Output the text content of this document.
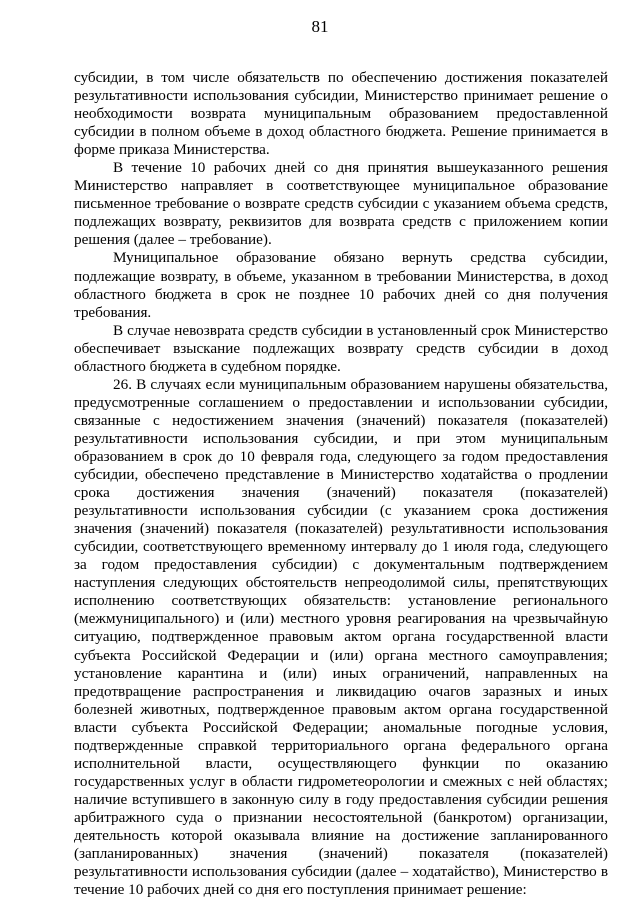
81

субсидии, в том числе обязательств по обеспечению достижения показателей результативности использования субсидии, Министерство принимает решение о необходимости возврата муниципальным образованием предоставленной субсидии в полном объеме в доход областного бюджета. Решение принимается в форме приказа Министерства.

В течение 10 рабочих дней со дня принятия вышеуказанного решения Министерство направляет в соответствующее муниципальное образование письменное требование о возврате средств субсидии с указанием объема средств, подлежащих возврату, реквизитов для возврата средств с приложением копии решения (далее – требование).

Муниципальное образование обязано вернуть средства субсидии, подлежащие возврату, в объеме, указанном в требовании Министерства, в доход областного бюджета в срок не позднее 10 рабочих дней со дня получения требования.

В случае невозврата средств субсидии в установленный срок Министерство обеспечивает взыскание подлежащих возврату средств субсидии в доход областного бюджета в судебном порядке.

26. В случаях если муниципальным образованием нарушены обязательства, предусмотренные соглашением о предоставлении и использовании субсидии, связанные с недостижением значения (значений) показателя (показателей) результативности использования субсидии, и при этом муниципальным образованием в срок до 10 февраля года, следующего за годом предоставления субсидии, обеспечено представление в Министерство ходатайства о продлении срока достижения значения (значений) показателя (показателей) результативности использования субсидии (с указанием срока достижения значения (значений) показателя (показателей) результативности использования субсидии, соответствующего временному интервалу до 1 июля года, следующего за годом предоставления субсидии) с документальным подтверждением наступления следующих обстоятельств непреодолимой силы, препятствующих исполнению соответствующих обязательств: установление регионального (межмуниципального) и (или) местного уровня реагирования на чрезвычайную ситуацию, подтвержденное правовым актом органа государственной власти субъекта Российской Федерации и (или) органа местного самоуправления; установление карантина и (или) иных ограничений, направленных на предотвращение распространения и ликвидацию очагов заразных и иных болезней животных, подтвержденное правовым актом органа государственной власти субъекта Российской Федерации; аномальные погодные условия, подтвержденные справкой территориального органа федерального органа исполнительной власти, осуществляющего функции по оказанию государственных услуг в области гидрометеорологии и смежных с ней областях; наличие вступившего в законную силу в году предоставления субсидии решения арбитражного суда о признании несостоятельной (банкротом) организации, деятельность которой оказывала влияние на достижение запланированного (запланированных) значения (значений) показателя (показателей) результативности использования субсидии (далее – ходатайство), Министерство в течение 10 рабочих дней со дня его поступления принимает решение:
